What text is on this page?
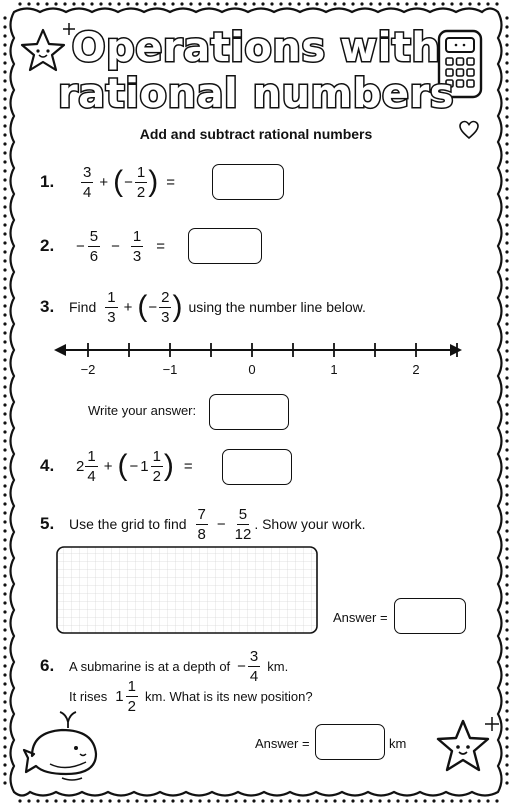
Operations with
rational numbers
Add and subtract rational numbers
1.	$\frac{3}{4}$ + ( − $\frac{1}{2}$ ) =
2.	− $\frac{5}{6} - \frac{1}{3}$ =
3.	Find $\frac{1}{3}$ + ( − $\frac{2}{3}$ ) using the number line below.
−2	−1	0	1	2
Write your answer:
4.	$2 \frac{1}{4}$ + ( − $1 \frac{1}{2}$ ) =
5.	Use the grid to find $\frac{7}{8} - \frac{5}{12}$ . Show your work.
Answer =
6.	A submarine is at a depth of − $\frac{3}{4}$ km.
It rises $1 \frac{1}{2}$ km. What is its new position?
Answer =	km
